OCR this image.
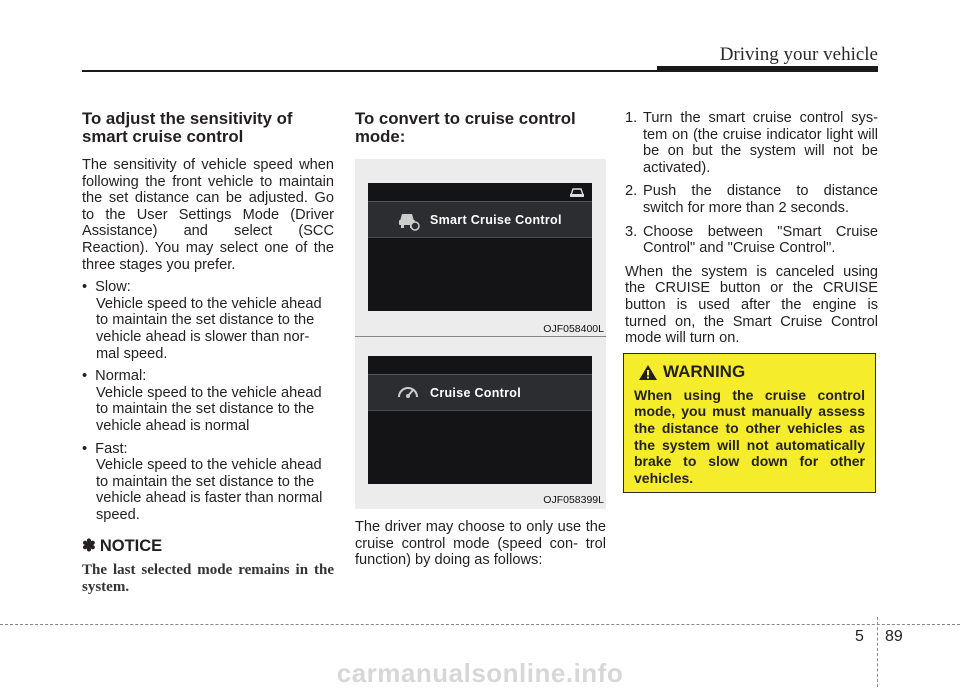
Driving your vehicle
To adjust the sensitivity of smart cruise control

The sensitivity of vehicle speed when following the front vehicle to maintain the set distance can be adjusted. Go to the User Settings Mode (Driver Assistance) and select (SCC Reaction). You may select one of the three stages you prefer.

• Slow:
Vehicle speed to the vehicle ahead to maintain the set distance to the vehicle ahead is slower than nor- mal speed.
• Normal:
Vehicle speed to the vehicle ahead to maintain the set distance to the vehicle ahead is normal
• Fast:
Vehicle speed to the vehicle ahead to maintain the set distance to the vehicle ahead is faster than normal speed.
✽ NOTICE
The last selected mode remains in the system.
To convert to cruise control mode:
Smart Cruise Control
OJF058400L
Cruise Control
OJF058399L

The driver may choose to only use the cruise control mode (speed con- trol function) by doing as follows:

1. Turn the smart cruise control sys- tem on (the cruise indicator light will be on but the system will not be activated).
2. Push the distance to distance switch for more than 2 seconds.
3. Choose between "Smart Cruise Control" and "Cruise Control".

When the system is canceled using the CRUISE button or the CRUISE button is used after the engine is turned on, the Smart Cruise Control mode will turn on.

WARNING
When using the cruise control mode, you must manually assess the distance to other vehicles as the system will not automatically brake to slow down for other vehicles.
5 89
carmanualsonline.info
